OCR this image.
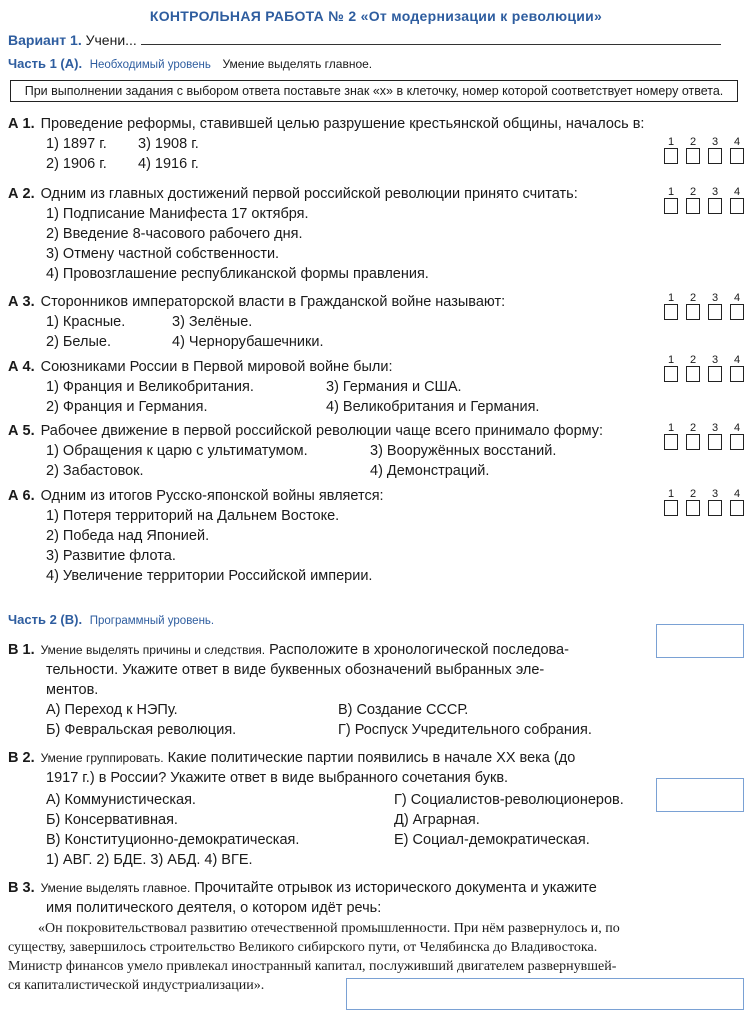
КОНТРОЛЬНАЯ РАБОТА № 2 «От модернизации к революции»
Вариант 1. Учени...
Часть 1 (А). Необходимый уровень Умение выделять главное.
При выполнении задания с выбором ответа поставьте знак «х» в клеточку, номер которой соответствует номеру ответа.
А 1. Проведение реформы, ставившей целью разрушение крестьянской общины, началось в:
1) 1897 г. 3) 1908 г.
2) 1906 г. 4) 1916 г.
А 2. Одним из главных достижений первой российской революции принято считать:
1) Подписание Манифеста 17 октября.
2) Введение 8-часового рабочего дня.
3) Отмену частной собственности.
4) Провозглашение республиканской формы правления.
А 3. Сторонников императорской власти в Гражданской войне называют:
1) Красные.	3) Зелёные.
2) Белые.	4) Чернорубашечники.
А 4. Союзниками России в Первой мировой войне были:
1) Франция и Великобритания.	3) Германия и США.
2) Франция и Германия.	4) Великобритания и Германия.
А 5. Рабочее движение в первой российской революции чаще всего принимало форму:
1) Обращения к царю с ультиматумом.	3) Вооружённых восстаний.
2) Забастовок.	4) Демонстраций.
А 6. Одним из итогов Русско-японской войны является:
1) Потеря территорий на Дальнем Востоке.
2) Победа над Японией.
3) Развитие флота.
4) Увеличение территории Российской империи.
1	2	3	4
1	2	3	4
1	2	3	4
1	2	3	4
1	2	3	4
1	2	3	4
Часть 2 (В). Программный уровень.
В 1. Умение выделять причины и следствия. Расположите в хронологической последова-
тельности. Укажите ответ в виде буквенных обозначений выбранных эле-
ментов.
А) Переход к НЭПу.	В) Создание СССР.
Б) Февральская революция.	Г) Роспуск Учредительного собрания.
В 2. Умение группировать. Какие политические партии появились в начале XX века (до
1917 г.) в России? Укажите ответ в виде выбранного сочетания букв.
А) Коммунистическая.	Г) Социалистов-революционеров.
Б) Консервативная.	Д) Аграрная.
В) Конституционно-демократическая.	Е) Социал-демократическая.
1) АВГ. 2) БДЕ. 3) АБД. 4) ВГЕ.
В 3. Умение выделять главное. Прочитайте отрывок из исторического документа и укажите
имя политического деятеля, о котором идёт речь:
«Он покровительствовал развитию отечественной промышленности. При нём развернулось и, по
существу, завершилось строительство Великого сибирского пути, от Челябинска до Владивостока.
Министр финансов умело привлекал иностранный капитал, послуживший двигателем развернувшей-
ся капиталистической индустриализации».
